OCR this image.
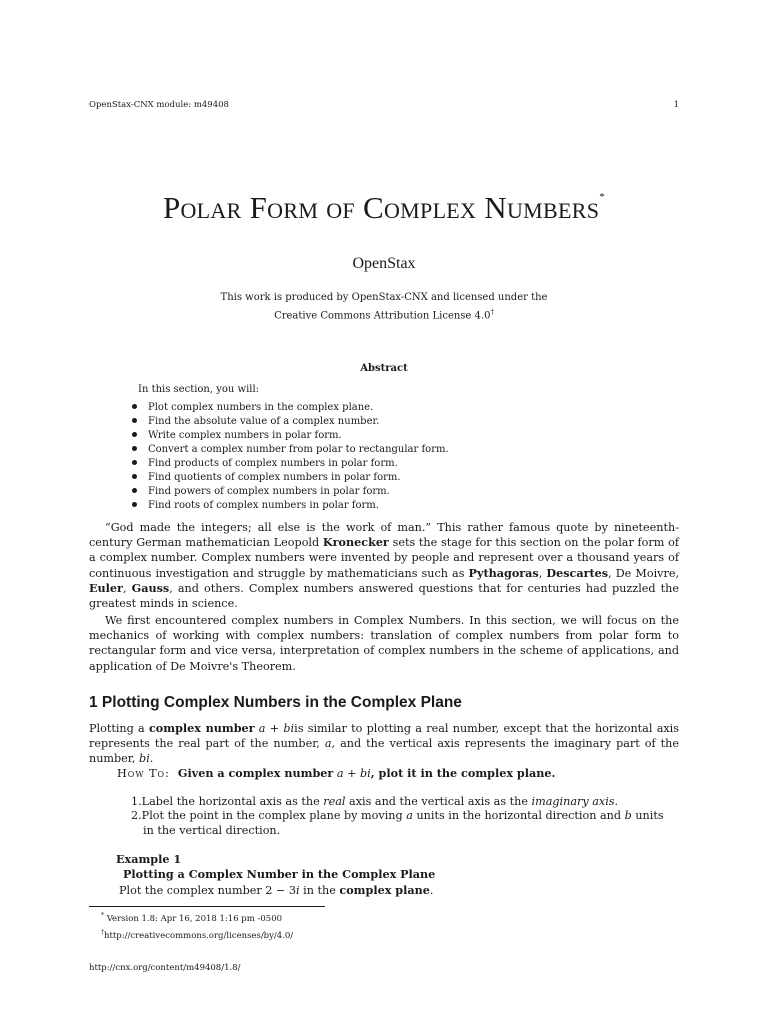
OpenStax-CNX module: m49408	1
Polar Form of Complex Numbers*
OpenStax
This work is produced by OpenStax-CNX and licensed under the
Creative Commons Attribution License 4.0†
Abstract
In this section, you will:
Plot complex numbers in the complex plane.
Find the absolute value of a complex number.
Write complex numbers in polar form.
Convert a complex number from polar to rectangular form.
Find products of complex numbers in polar form.
Find quotients of complex numbers in polar form.
Find powers of complex numbers in polar form.
Find roots of complex numbers in polar form.
“God made the integers; all else is the work of man.” This rather famous quote by nineteenth-century German mathematician Leopold Kronecker sets the stage for this section on the polar form of a complex number. Complex numbers were invented by people and represent over a thousand years of continuous investigation and struggle by mathematicians such as Pythagoras, Descartes, De Moivre, Euler, Gauss, and others. Complex numbers answered questions that for centuries had puzzled the greatest minds in science.
We first encountered complex numbers in Complex Numbers. In this section, we will focus on the mechanics of working with complex numbers: translation of complex numbers from polar form to rectangular form and vice versa, interpretation of complex numbers in the scheme of applications, and application of De Moivre's Theorem.
1 Plotting Complex Numbers in the Complex Plane
Plotting a complex number a + biis similar to plotting a real number, except that the horizontal axis represents the real part of the number, a, and the vertical axis represents the imaginary part of the number, bi.
How To: Given a complex number a + bi, plot it in the complex plane.
1.Label the horizontal axis as the real axis and the vertical axis as the imaginary axis.
2.Plot the point in the complex plane by moving a units in the horizontal direction and b units
in the vertical direction.
Example 1
Plotting a Complex Number in the Complex Plane
Plot the complex number 2 − 3i in the complex plane.
* Version 1.8: Apr 16, 2018 1:16 pm -0500
†http://creativecommons.org/licenses/by/4.0/
http://cnx.org/content/m49408/1.8/
